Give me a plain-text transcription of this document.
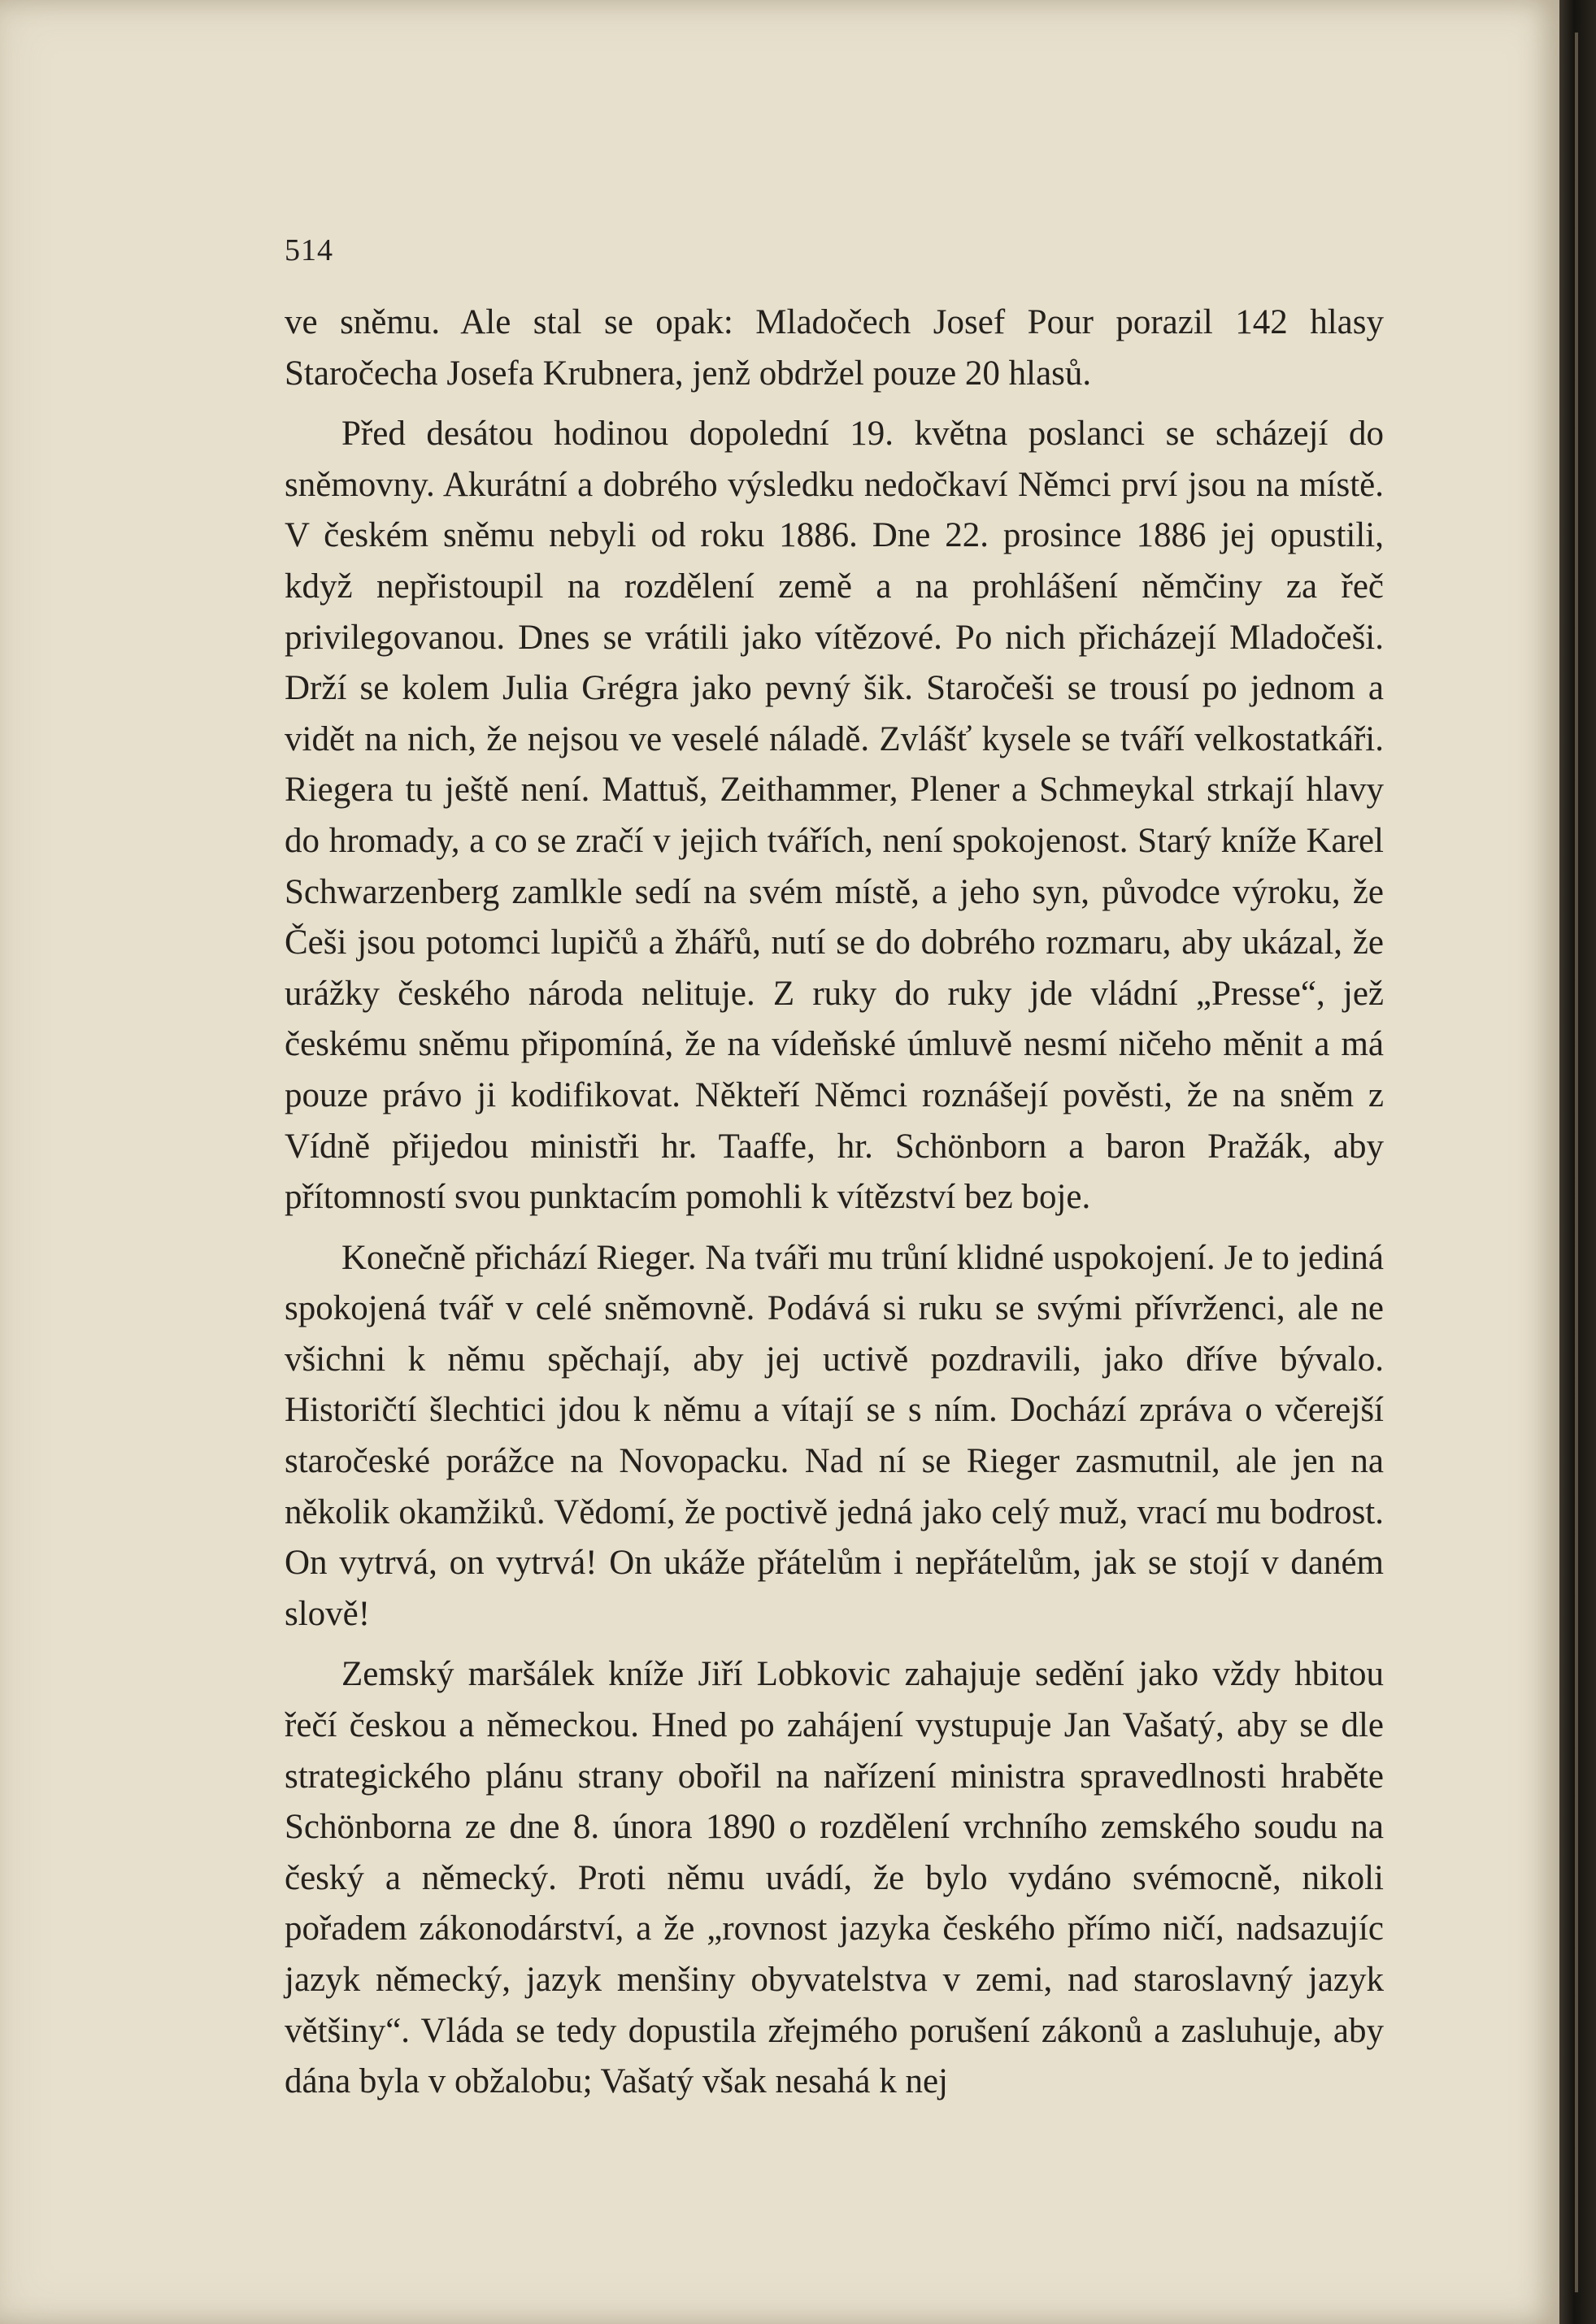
514

ve sněmu. Ale stal se opak: Mladočech Josef Pour porazil 142 hlasy Staročecha Josefa Krubnera, jenž obdržel pouze 20 hlasů.

Před desátou hodinou dopolední 19. května poslanci se scházejí do sněmovny. Akurátní a dobrého výsledku nedočkaví Němci prví jsou na místě. V českém sněmu nebyli od roku 1886. Dne 22. prosince 1886 jej opustili, když nepřistoupil na rozdělení země a na prohlášení němčiny za řeč privilegovanou. Dnes se vrátili jako vítězové. Po nich přicházejí Mladočeši. Drží se kolem Julia Grégra jako pevný šik. Staročeši se trousí po jednom a vidět na nich, že nejsou ve veselé náladě. Zvlášť kysele se tváří velkostatkáři. Riegera tu ještě není. Mattuš, Zeithammer, Plener a Schmeykal strkají hlavy do hromady, a co se zračí v jejich tvářích, není spokojenost. Starý kníže Karel Schwarzenberg zamlkle sedí na svém místě, a jeho syn, původce výroku, že Češi jsou potomci lupičů a žhářů, nutí se do dobrého rozmaru, aby ukázal, že urážky českého národa nelituje. Z ruky do ruky jde vládní „Presse“, jež českému sněmu připomíná, že na vídeňské úmluvě nesmí ničeho měnit a má pouze právo ji kodifikovat. Někteří Němci roznášejí pověsti, že na sněm z Vídně přijedou ministři hr. Taaffe, hr. Schönborn a baron Pražák, aby přítomností svou punktacím pomohli k vítězství bez boje.

Konečně přichází Rieger. Na tváři mu trůní klidné uspokojení. Je to jediná spokojená tvář v celé sněmovně. Podává si ruku se svými přívrženci, ale ne všichni k němu spěchají, aby jej uctivě pozdravili, jako dříve bývalo. Historičtí šlechtici jdou k němu a vítají se s ním. Dochází zpráva o včerejší staročeské porážce na Novopacku. Nad ní se Rieger zasmutnil, ale jen na několik okamžiků. Vědomí, že poctivě jedná jako celý muž, vrací mu bodrost. On vytrvá, on vytrvá! On ukáže přátelům i nepřátelům, jak se stojí v daném slově!

Zemský maršálek kníže Jiří Lobkovic zahajuje sedění jako vždy hbitou řečí českou a německou. Hned po zahájení vystupuje Jan Vašatý, aby se dle strategického plánu strany obořil na nařízení ministra spravedlnosti hraběte Schönborna ze dne 8. února 1890 o rozdělení vrchního zemského soudu na český a německý. Proti němu uvádí, že bylo vydáno svémocně, nikoli pořadem zákonodárství, a že „rovnost jazyka českého přímo ničí, nadsazujíc jazyk německý, jazyk menšiny obyvatelstva v zemi, nad staroslavný jazyk většiny“. Vláda se tedy dopustila zřejmého porušení zákonů a zasluhuje, aby dána byla v obžalobu; Vašatý však nesahá k nej
